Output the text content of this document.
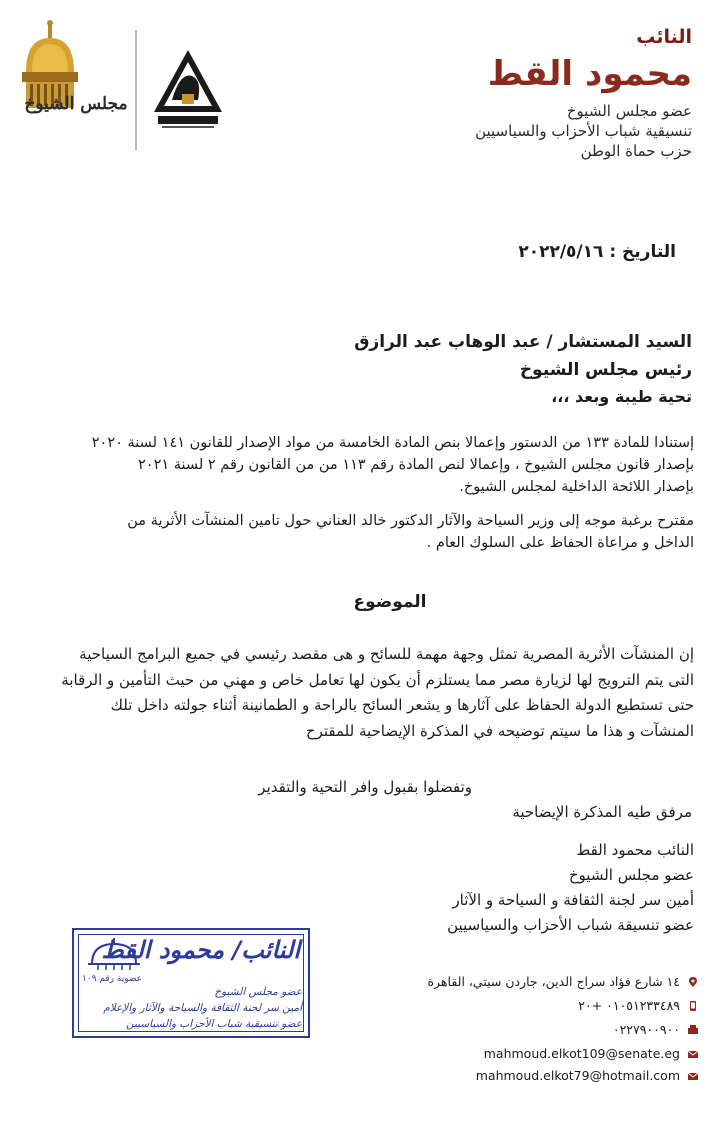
مجلس الشيوخ
النائب
محمود القط
عضو مجلس الشيوخ
تنسيقية شباب الأحزاب والسياسيين
حزب حماة الوطن
التاريخ : ٢٠٢٢/٥/١٦
السيد المستشار / عبد الوهاب عبد الرازق
رئيس مجلس الشيوخ
تحية طيبة وبعد ،،،
إستنادا للمادة ١٣٣ من الدستور وإعمالا بنص المادة الخامسة من مواد الإصدار للقانون ١٤١ لسنة ٢٠٢٠
بإصدار قانون مجلس الشيوخ ، وإعمالا لنص المادة رقم ١١٣ من من القانون رقم ٢ لسنة ٢٠٢١
بإصدار اللائحة الداخلية لمجلس الشيوخ.
مقترح برغبة موجه إلى وزير السياحة والآثار الدكتور خالد العناني حول تامين المنشآت الأثرية من
الداخل و مراعاة الحفاظ على السلوك العام .
الموضوع
إن المنشآت الأثرية المصرية تمثل وجهة مهمة للسائح و هى مقصد رئيسي في جميع البرامج السياحية
التى يتم الترويج لها لزيارة مصر مما يستلزم أن يكون لها تعامل خاص و مهني من حيث التأمين و الرقابة
حتى تستطيع الدولة الحفاظ على آثارها و يشعر السائح بالراحة و الطمانينة أثناء جولته داخل تلك
المنشآت و هذا ما سيتم توضيحه في المذكرة الإيضاحية للمقترح
وتفضلوا بقبول وافر التحية والتقدير
مرفق طيه المذكرة الإيضاحية
النائب محمود القط
عضو مجلس الشيوخ
أمين سر لجنة الثقافة و السياحة و الآثار
عضو تنسيقة شباب الأحزاب والسياسيين
النائب/ محمود القط
عضوية رقم ١٠٩
عضو مجلس الشيوخ
أمين سر لجنة الثقافة والسياحة والآثار والإعلام
عضو تنسيقية شباب الأحزاب والسياسيين
١٤ شارع فؤاد سراج الدين، جاردن سيتي، القاهرة
٠١٠٥١٢٣٣٤٨٩ +٢٠
٠٢٢٧٩٠٠٩٠٠
mahmoud.elkot109@senate.eg
mahmoud.elkot79@hotmail.com
